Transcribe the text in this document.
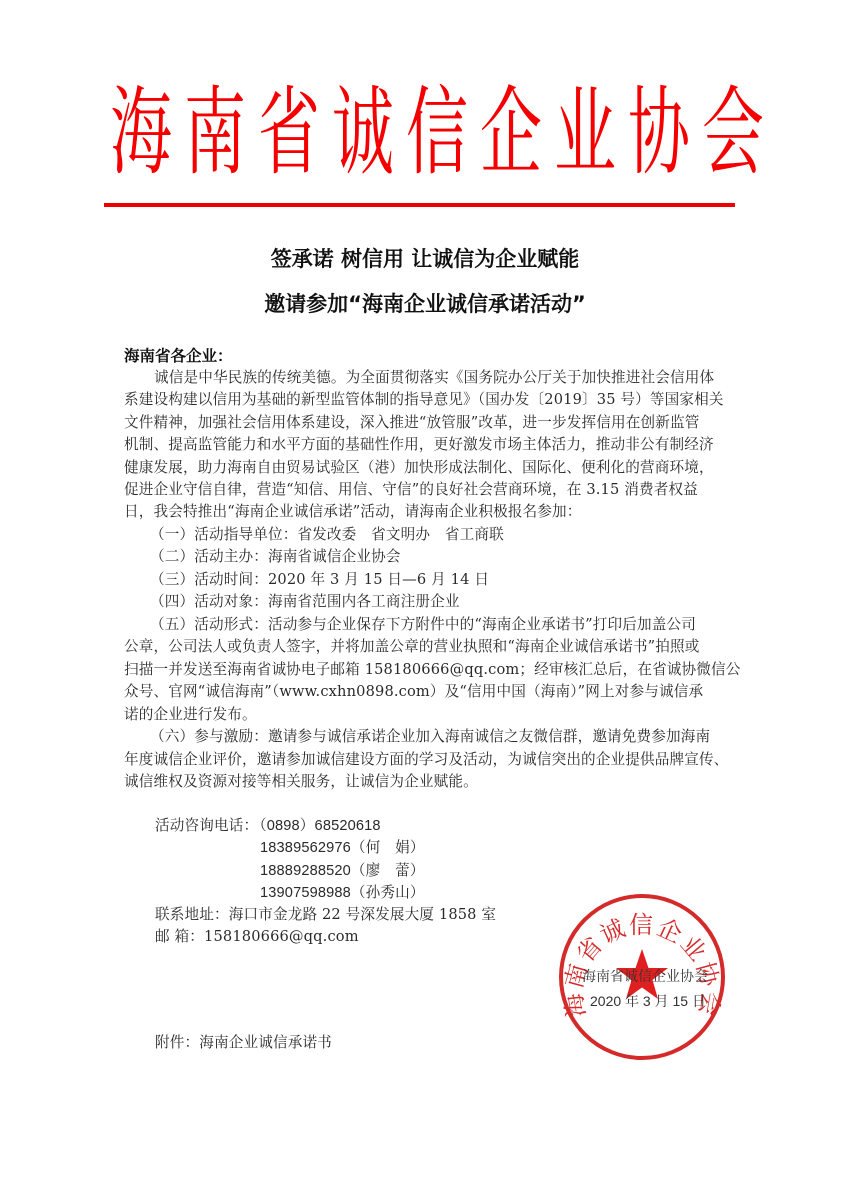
海 南 省 诚 信 企 业 协 会
签承诺 树信用 让诚信为企业赋能
邀请参加“海南企业诚信承诺活动”
海南省各企业：
诚信是中华民族的传统美德。为全面贯彻落实《国务院办公厅关于加快推进社会信用体
系建设构建以信用为基础的新型监管体制的指导意见》（国办发〔2019〕35 号）等国家相关
文件精神，加强社会信用体系建设，深入推进“放管服”改革，进一步发挥信用在创新监管
机制、提高监管能力和水平方面的基础性作用，更好激发市场主体活力，推动非公有制经济
健康发展，助力海南自由贸易试验区（港）加快形成法制化、国际化、便利化的营商环境，
促进企业守信自律，营造“知信、用信、守信”的良好社会营商环境，在 3.15 消费者权益
日，我会特推出“海南企业诚信承诺”活动，请海南企业积极报名参加：
（一）活动指导单位：省发改委　省文明办　省工商联
（二）活动主办：海南省诚信企业协会
（三）活动时间：2020 年 3 月 15 日—6 月 14 日
（四）活动对象：海南省范围内各工商注册企业
（五）活动形式：活动参与企业保存下方附件中的“海南企业承诺书”打印后加盖公司
公章，公司法人或负责人签字，并将加盖公章的营业执照和“海南企业诚信承诺书”拍照或
扫描一并发送至海南省诚协电子邮箱 158180666@qq.com；经审核汇总后，在省诚协微信公
众号、官网“诚信海南”（www.cxhn0898.com）及“信用中国（海南）”网上对参与诚信承
诺的企业进行发布。
（六）参与激励：邀请参与诚信承诺企业加入海南诚信之友微信群，邀请免费参加海南
年度诚信企业评价，邀请参加诚信建设方面的学习及活动，为诚信突出的企业提供品牌宣传、
诚信维权及资源对接等相关服务，让诚信为企业赋能。
活动咨询电话：
（0898）68520618
18389562976（何　娟）
18889288520（廖　蕾）
13907598988（孙秀山）
联系地址：海口市金龙路 22 号深发展大厦 1858 室
邮 箱：158180666@qq.com
海南省诚信企业协会
海南省诚信企业协会
2020 年 3 月 15 日
附件：海南企业诚信承诺书
